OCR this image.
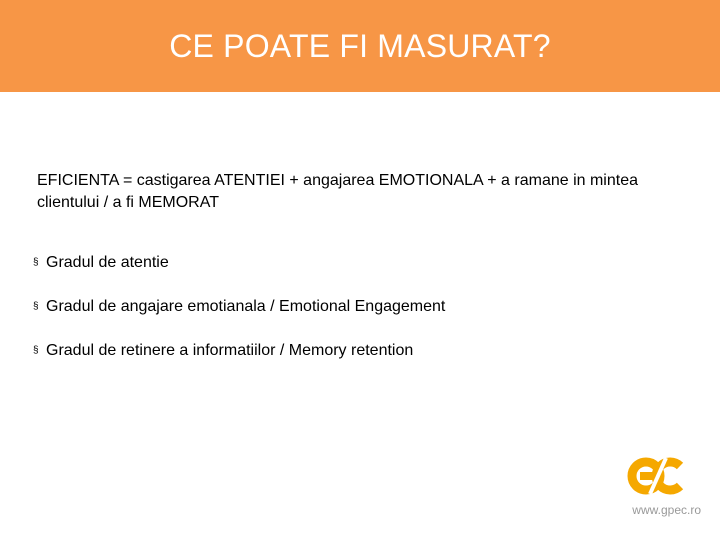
CE POATE FI MASURAT?
EFICIENTA = castigarea ATENTIEI + angajarea EMOTIONALA + a ramane in mintea clientului / a fi MEMORAT
§ Gradul de atentie
§ Gradul de angajare emotianala / Emotional Engagement
§ Gradul de retinere a informatiilor / Memory retention
www.gpec.ro
